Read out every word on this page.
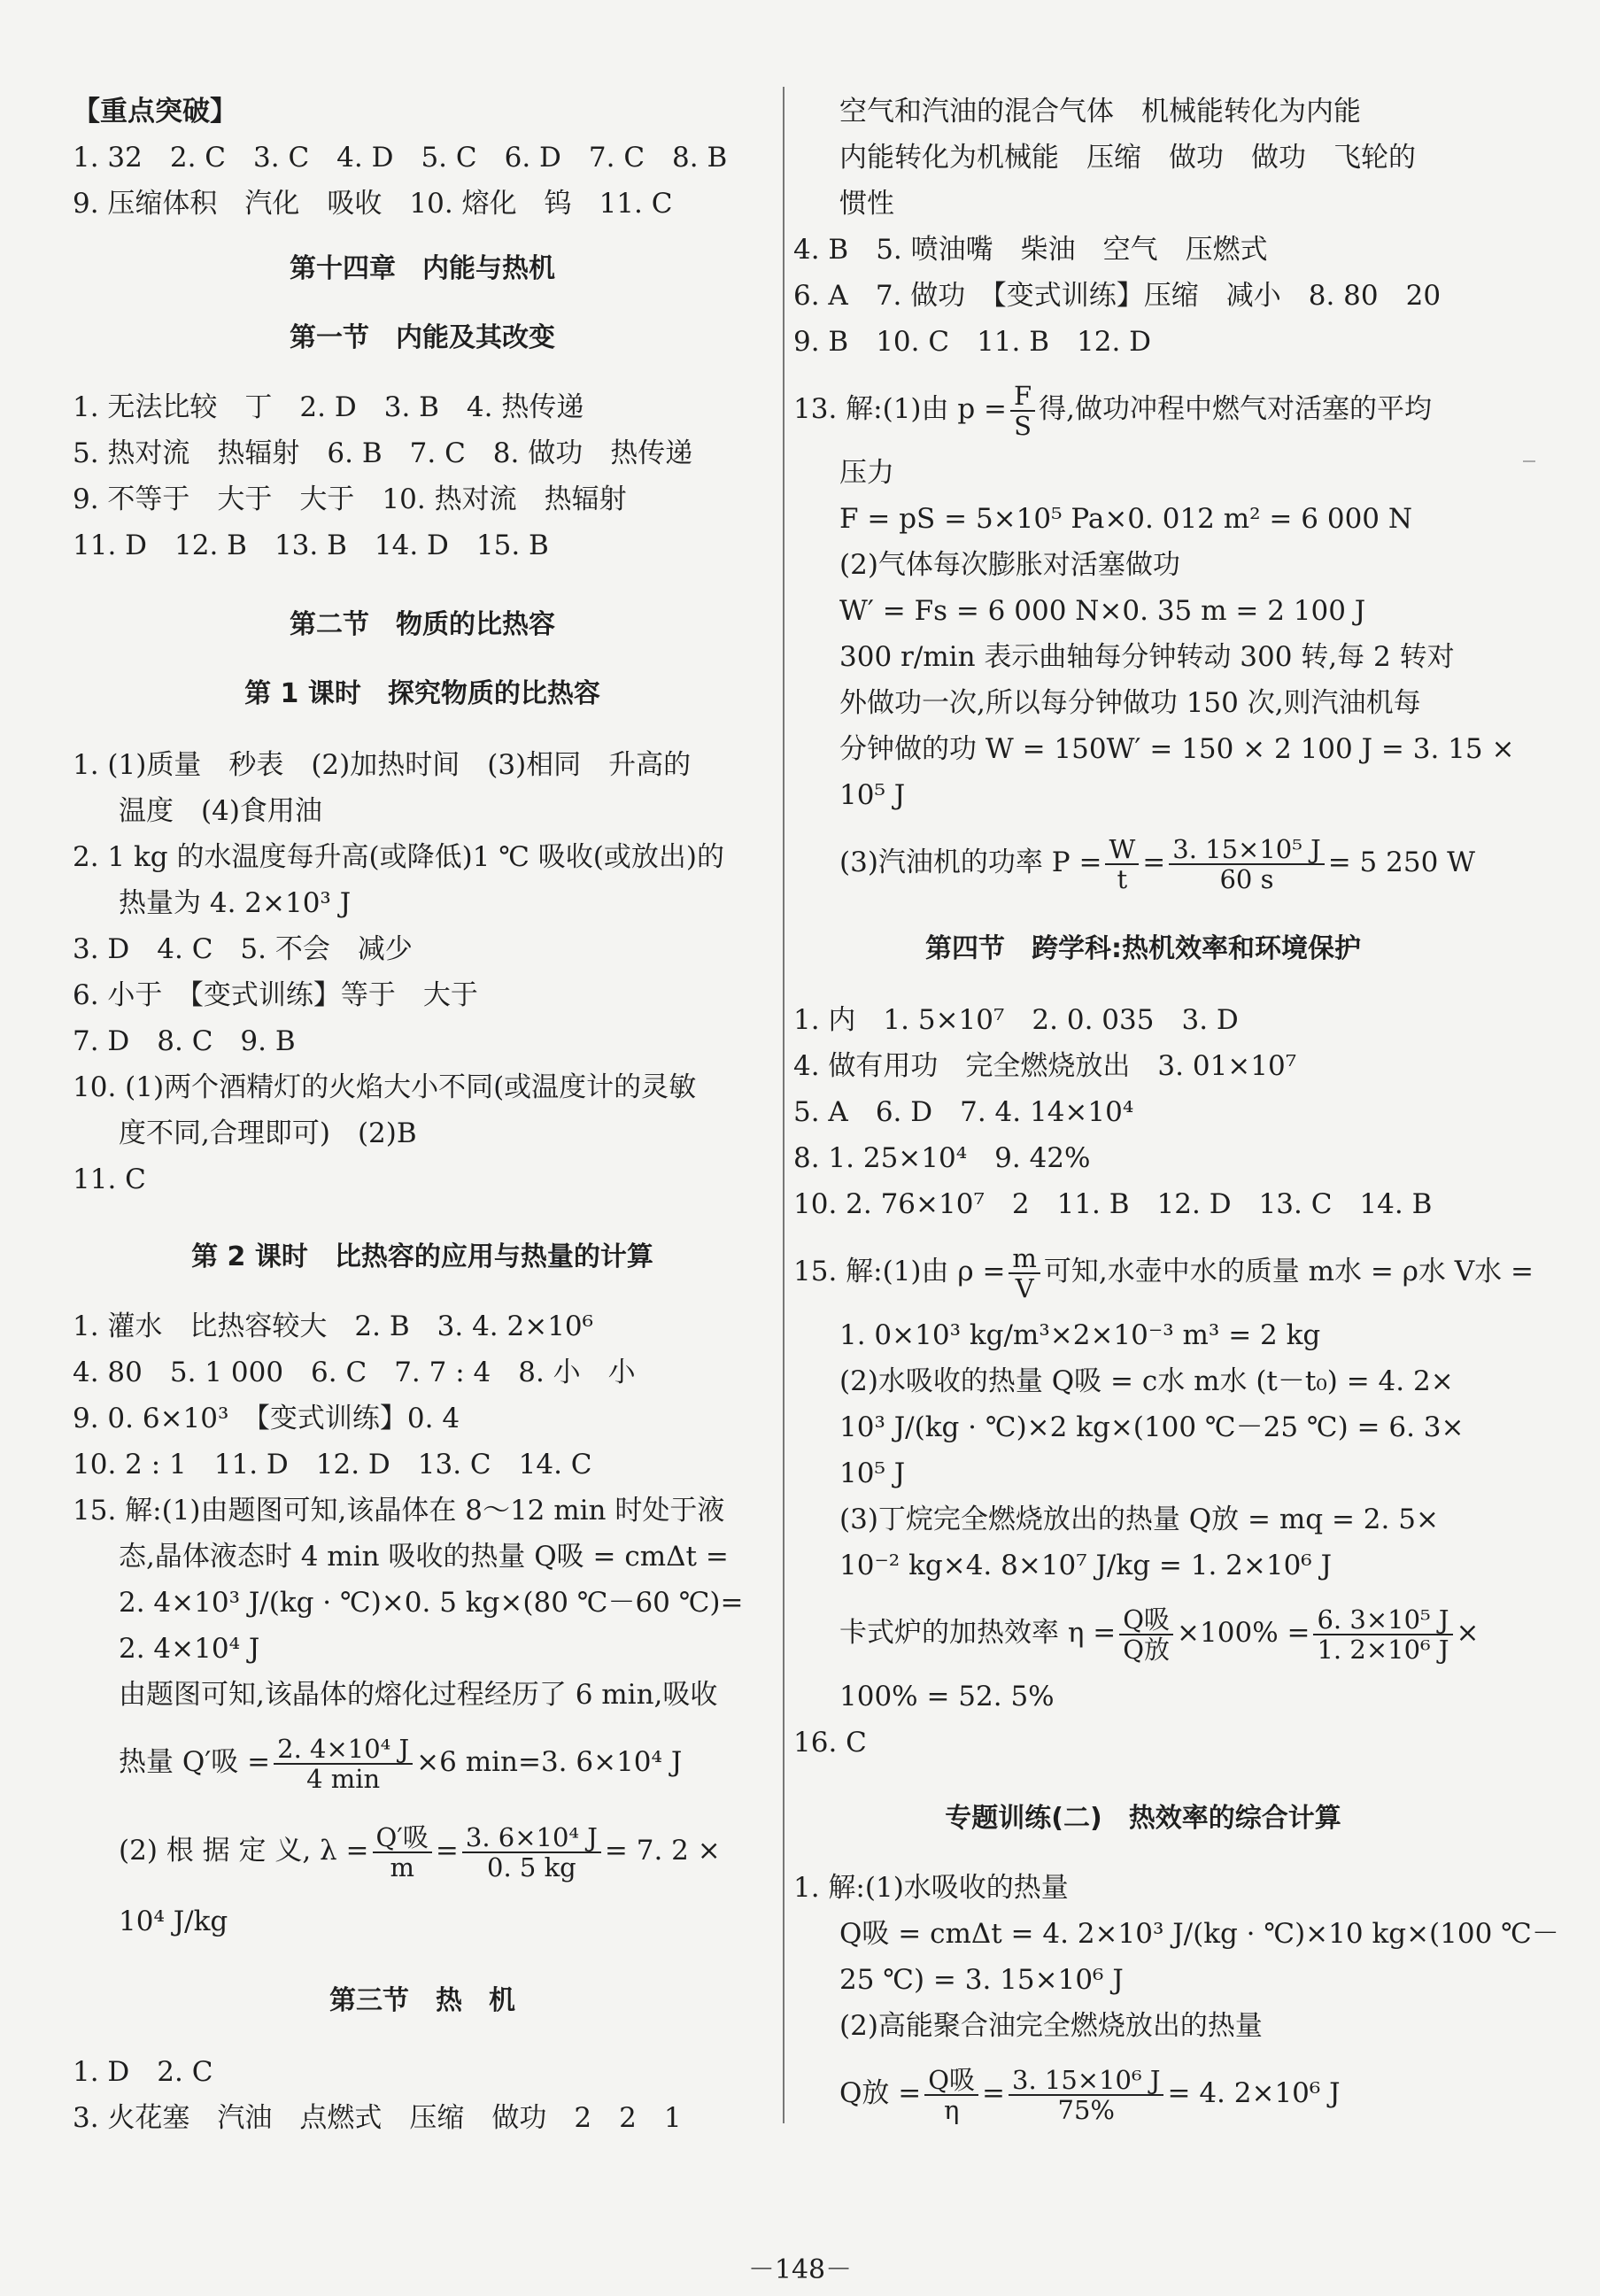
【重点突破】
1. 32　2. C　3. C　4. D　5. C　6. D　7. C　8. B
9. 压缩体积　汽化　吸收　10. 熔化　钨　11. C
第十四章　内能与热机
第一节　内能及其改变
1. 无法比较　丁　2. D　3. B　4. 热传递
5. 热对流　热辐射　6. B　7. C　8. 做功　热传递
9. 不等于　大于　大于　10. 热对流　热辐射
11. D　12. B　13. B　14. D　15. B
第二节　物质的比热容
第 1 课时　探究物质的比热容
1. (1)质量　秒表　(2)加热时间　(3)相同　升高的
温度　(4)食用油
2. 1 kg 的水温度每升高(或降低)1 ℃ 吸收(或放出)的
热量为 4. 2×10³ J
3. D　4. C　5. 不会　减少
6. 小于　【变式训练】等于　大于
7. D　8. C　9. B
10. (1)两个酒精灯的火焰大小不同(或温度计的灵敏
度不同,合理即可)　(2)B
11. C
第 2 课时　比热容的应用与热量的计算
1. 灌水　比热容较大　2. B　3. 4. 2×10⁶
4. 80　5. 1 000　6. C　7. 7 : 4　8. 小　小
9. 0. 6×10³　【变式训练】0. 4
10. 2 : 1　11. D　12. D　13. C　14. C
15. 解:(1)由题图可知,该晶体在 8～12 min 时处于液
态,晶体液态时 4 min 吸收的热量 Q吸 = cmΔt =
2. 4×10³ J/(kg · ℃)×0. 5 kg×(80 ℃－60 ℃)=
2. 4×10⁴ J
由题图可知,该晶体的熔化过程经历了 6 min,吸收
热量 Q′吸 = $\frac{\text{2. 4×10⁴ J}}{4 \min} \times 6$ min=3. 6×10⁴ J
(2) 根 据 定 义, $\lambda = \frac{\text{Q′吸}}{m} = \frac{\text{3. 6×10⁴ J}}{0. 5 kg} = 7$. 2 ×
10⁴ J/kg
第三节　热　机
1. D　2. C
3. 火花塞　汽油　点燃式　压缩　做功　2　2　1
空气和汽油的混合气体　机械能转化为内能
内能转化为机械能　压缩　做功　做功　飞轮的
惯性
4. B　5. 喷油嘴　柴油　空气　压燃式
6. A　7. 做功　【变式训练】压缩　减小　8. 80　20
9. B　10. C　11. B　12. D
13. 解:(1)由 $p = \frac{F}{S}$ 得,做功冲程中燃气对活塞的平均
压力
F = pS = 5×10⁵ Pa×0. 012 m² = 6 000 N
(2)气体每次膨胀对活塞做功
W′ = Fs = 6 000 N×0. 35 m = 2 100 J
300 r/min 表示曲轴每分钟转动 300 转,每 2 转对
外做功一次,所以每分钟做功 150 次,则汽油机每
分钟做的功 W = 150W′ = 150 × 2 100 J = 3. 15 ×
10⁵ J
(3)汽油机的功率 $P = \frac{W}{t} = \frac{\text{3. 15×10⁵ J}}{60 s} = 5$ 250 W
第四节　跨学科:热机效率和环境保护
1. 内　1. 5×10⁷　2. 0. 035　3. D
4. 做有用功　完全燃烧放出　3. 01×10⁷
5. A　6. D　7. 4. 14×10⁴
8. 1. 25×10⁴　9. 42%
10. 2. 76×10⁷　2　11. B　12. D　13. C　14. B
15. 解:(1)由 $\rho = \frac{m}{V}$ 可知,水壶中水的质量 m水 = ρ水 V水 =
1. 0×10³ kg/m³×2×10⁻³ m³ = 2 kg
(2)水吸收的热量 Q吸 = c水 m水 (t－t₀) = 4. 2×
10³ J/(kg · ℃)×2 kg×(100 ℃－25 ℃) = 6. 3×
10⁵ J
(3)丁烷完全燃烧放出的热量 Q放 = mq = 2. 5×
10⁻² kg×4. 8×10⁷ J/kg = 1. 2×10⁶ J
卡式炉的加热效率 $\eta = \frac{\text{Q吸}}{\text{Q放}} \times 100\% = \frac{\text{6. 3×10⁵ J}}{\text{1. 2×10⁶ J}}$ ×
100% = 52. 5%
16. C
专题训练(二)　热效率的综合计算
1. 解:(1)水吸收的热量
Q吸 = cmΔt = 4. 2×10³ J/(kg · ℃)×10 kg×(100 ℃－
25 ℃) = 3. 15×10⁶ J
(2)高能聚合油完全燃烧放出的热量
Q放 = $\frac{\text{Q吸}}{\eta} = \frac{\text{3. 15×10⁶ J}}{75\%} = 4$. 2×10⁶ J
－148－
